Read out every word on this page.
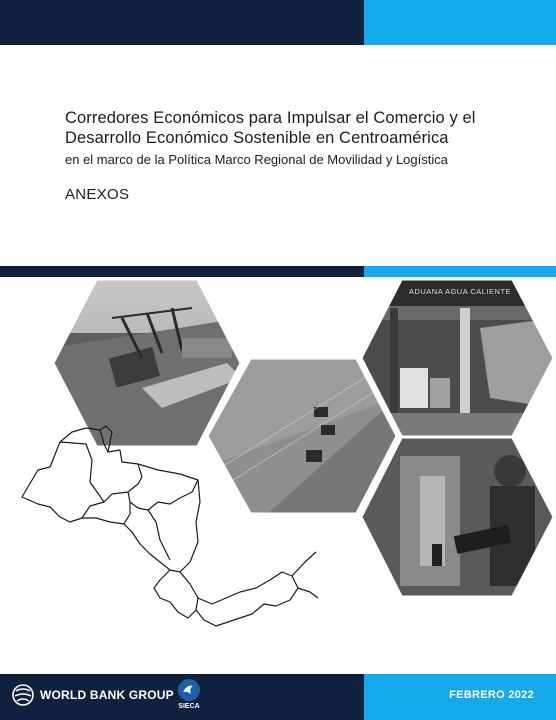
Corredores Económicos para Impulsar el Comercio y el
Desarrollo Económico Sostenible en Centroamérica
en el marco de la Política Marco Regional de Movilidad y Logística
ANEXOS
ADUANA AGUA CALIENTE
WORLD BANK GROUP
SIECA
FEBRERO 2022
